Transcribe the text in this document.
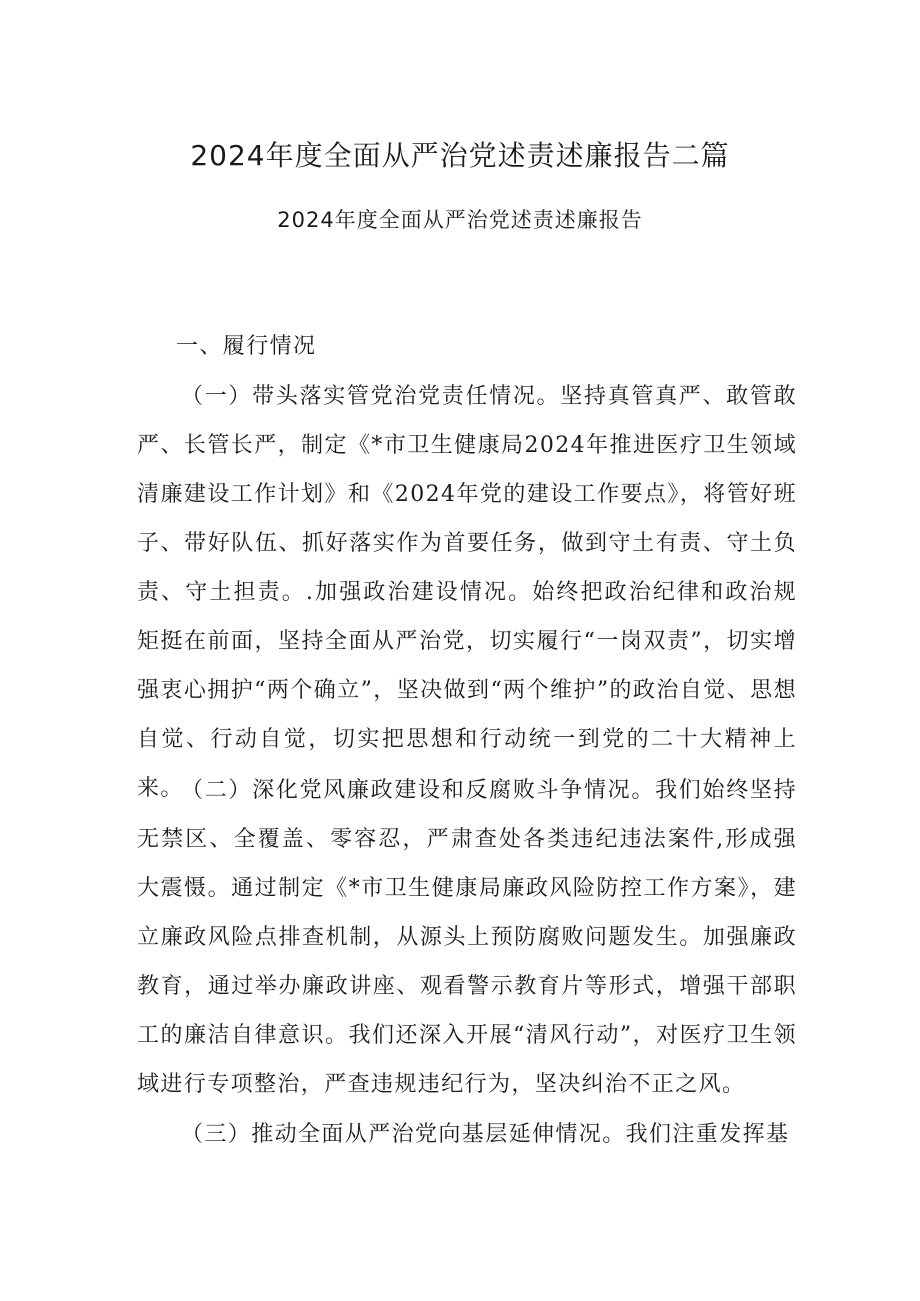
2024年度全面从严治党述责述廉报告二篇
2024年度全面从严治党述责述廉报告

一、履行情况

（一）带头落实管党治党责任情况。坚持真管真严、敢管敢严、长管长严，制定《*市卫生健康局2024年推进医疗卫生领域清廉建设工作计划》和《2024年党的建设工作要点》，将管好班子、带好队伍、抓好落实作为首要任务，做到守土有责、守土负责、守土担责。.加强政治建设情况。始终把政治纪律和政治规矩挺在前面，坚持全面从严治党，切实履行“一岗双责”，切实增强衷心拥护“两个确立”，坚决做到“两个维护”的政治自觉、思想自觉、行动自觉，切实把思想和行动统一到党的二十大精神上来。

（二）深化党风廉政建设和反腐败斗争情况。我们始终坚持无禁区、全覆盖、零容忍，严肃查处各类违纪违法案件,形成强大震慑。通过制定《*市卫生健康局廉政风险防控工作方案》，建立廉政风险点排查机制，从源头上预防腐败问题发生。加强廉政教育，通过举办廉政讲座、观看警示教育片等形式，增强干部职工的廉洁自律意识。我们还深入开展“清风行动”，对医疗卫生领域进行专项整治，严查违规违纪行为，坚决纠治不正之风。

（三）推动全面从严治党向基层延伸情况。我们注重发挥基
